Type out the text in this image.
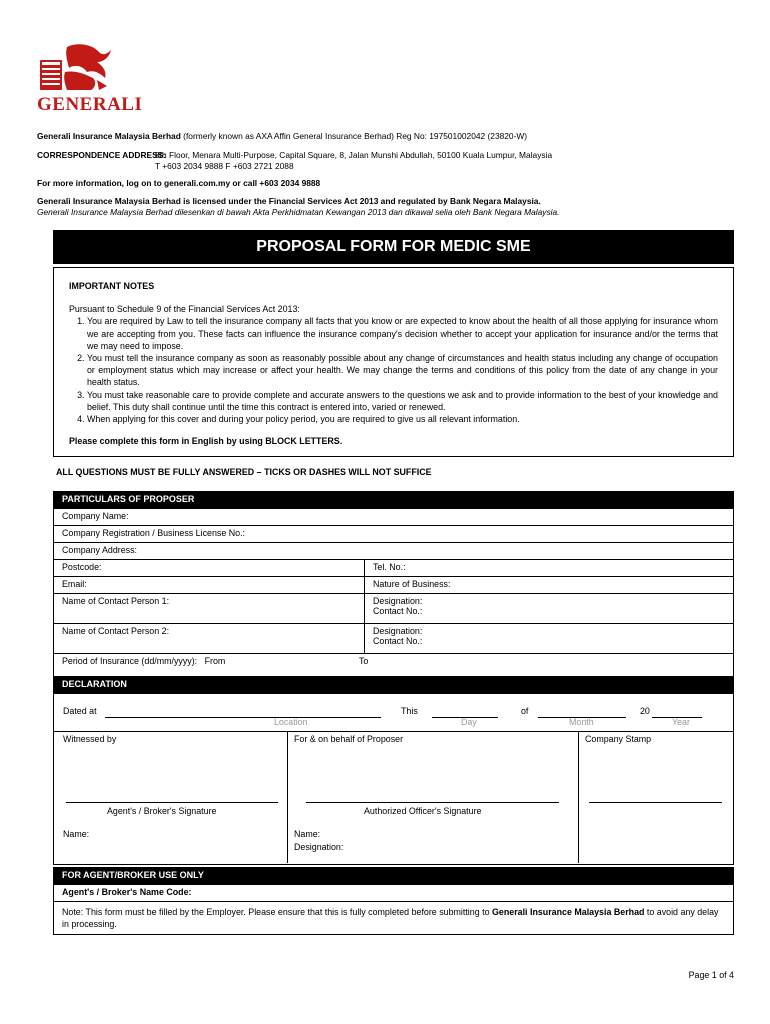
GENERALI
Generali Insurance Malaysia Berhad (formerly known as AXA Affin General Insurance Berhad) Reg No: 197501002042 (23820-W)
CORRESPONDENCE ADDRESS:
8th Floor, Menara Multi-Purpose, Capital Square, 8, Jalan Munshi Abdullah, 50100 Kuala Lumpur, Malaysia
T +603 2034 9888 F +603 2721 2088
For more information, log on to generali.com.my or call +603 2034 9888
Generali Insurance Malaysia Berhad is licensed under the Financial Services Act 2013 and regulated by Bank Negara Malaysia.
Generali Insurance Malaysia Berhad dilesenkan di bawah Akta Perkhidmatan Kewangan 2013 dan dikawal selia oleh Bank Negara Malaysia.
PROPOSAL FORM FOR MEDIC SME

IMPORTANT NOTES

Pursuant to Schedule 9 of the Financial Services Act 2013:

1. You are required by Law to tell the insurance company all facts that you know or are expected to know about the health of all those applying for insurance whom we are accepting from you. These facts can influence the insurance company's decision whether to accept your application for insurance and/or the terms that we may need to impose.
2. You must tell the insurance company as soon as reasonably possible about any change of circumstances and health status including any change of occupation or employment status which may increase or affect your health. We may change the terms and conditions of this policy from the date of any change in your health status.
3. You must take reasonable care to provide complete and accurate answers to the questions we ask and to provide information to the best of your knowledge and belief. This duty shall continue until the time this contract is entered into, varied or renewed.
4. When applying for this cover and during your policy period, you are required to give us all relevant information.

Please complete this form in English by using BLOCK LETTERS.

ALL QUESTIONS MUST BE FULLY ANSWERED – TICKS OR DASHES WILL NOT SUFFICE
PARTICULARS OF PROPOSER	
Company Name:	
Company Registration / Business License No.:	
Company Address:	
Postcode:	Tel. No.:
Email:	Nature of Business:
Name of Contact Person 1:	Designation:
Contact No.:

Name of Contact Person 2:	Designation:
Contact No.:

Period of Insurance (dd/mm/yyyy): From To	

DECLARATION	
Dated at
Location
This
Day
of
Month
20
Year
Witnessed by	For & on behalf of Proposer	Company Stamp
Agent's / Broker's Signature	Authorized Officer's Signature
Name:	Name:
Designation:
FOR AGENT/BROKER USE ONLY
Agent's / Broker's Name Code:
Note: This form must be filled by the Employer. Please ensure that this is fully completed before submitting to Generali Insurance Malaysia Berhad to avoid any delay in processing.
Page 1 of 4
